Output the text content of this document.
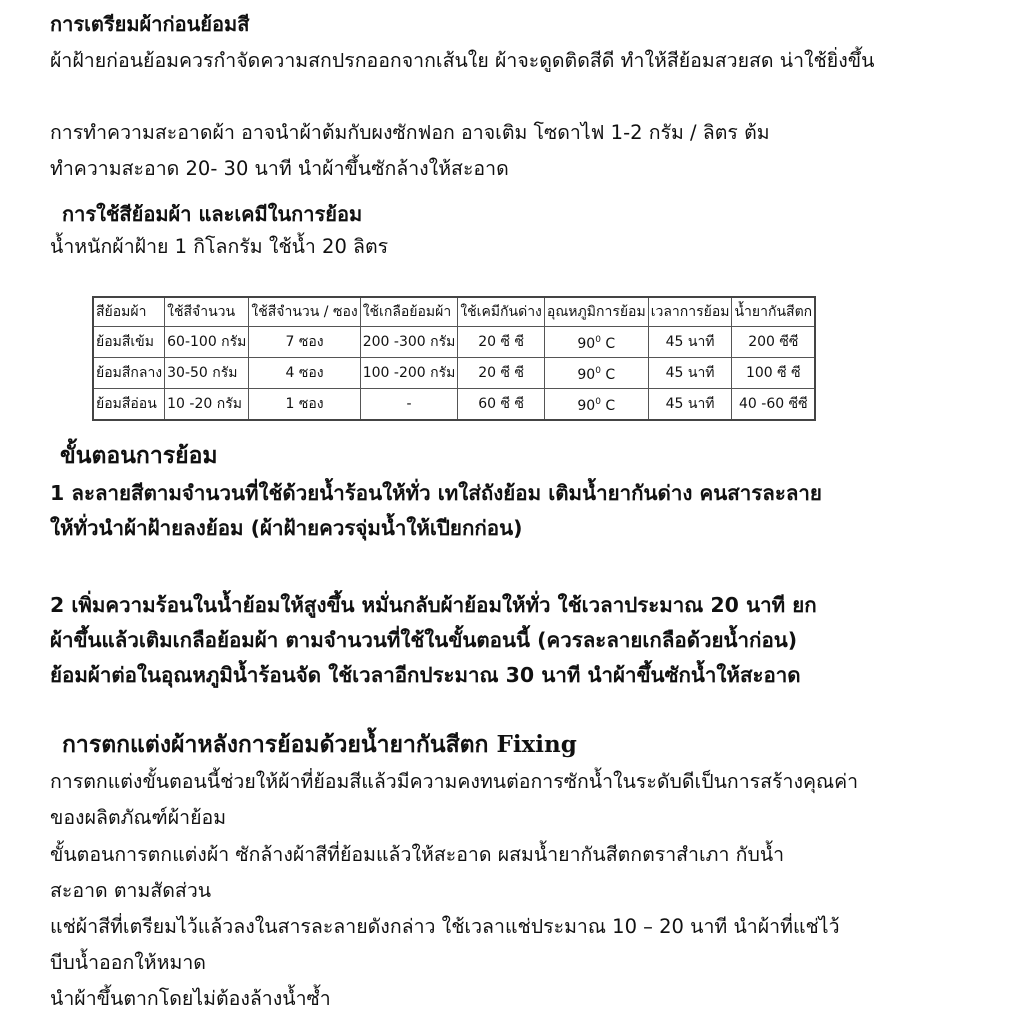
การเตรียมผ้าก่อนย้อมสี
ผ้าฝ้ายก่อนย้อมควรกำจัดความสกปรกออกจากเส้นใย ผ้าจะดูดติดสีดี ทำให้สีย้อมสวยสด น่าใช้ยิ่งขึ้น
การทำความสะอาดผ้า อาจนำผ้าต้มกับผงซักฟอก อาจเติม โซดาไฟ 1-2 กรัม / ลิตร ต้ม
ทำความสะอาด 20- 30 นาที นำผ้าขึ้นซักล้างให้สะอาด
การใช้สีย้อมผ้า และเคมีในการย้อม
น้ำหนักผ้าฝ้าย 1 กิโลกรัม ใช้น้ำ 20 ลิตร
สีย้อมผ้า	ใช้สีจำนวน	ใช้สีจำนวน / ซอง	ใช้เกลือย้อมผ้า	ใช้เคมีกันด่าง	อุณหภูมิการย้อม	เวลาการย้อม	น้ำยากันสีตก
ย้อมสีเข้ม	60-100 กรัม	7 ซอง	200 -300 กรัม	20 ซี ซี	$90^0$ C	45 นาที	200 ซีซี
ย้อมสีกลาง	30-50 กรัม	4 ซอง	100 -200 กรัม	20 ซี ซี	$90^0$ C	45 นาที	100 ซี ซี
ย้อมสีอ่อน	10 -20 กรัม	1 ซอง	-	60 ซี ซี	$90^0$ C	45 นาที	40 -60 ซีซี
ขั้นตอนการย้อม
1 ละลายสีตามจำนวนที่ใช้ด้วยน้ำร้อนให้ทั่ว เทใส่ถังย้อม เติมน้ำยากันด่าง คนสารละลาย
ให้ทั่วนำผ้าฝ้ายลงย้อม (ผ้าฝ้ายควรจุ่มน้ำให้เปียกก่อน)
2 เพิ่มความร้อนในน้ำย้อมให้สูงขึ้น หมั่นกลับผ้าย้อมให้ทั่ว ใช้เวลาประมาณ 20 นาที ยก
ผ้าขึ้นแล้วเติมเกลือย้อมผ้า ตามจำนวนที่ใช้ในขั้นตอนนี้ (ควรละลายเกลือด้วยน้ำก่อน)
ย้อมผ้าต่อในอุณหภูมิน้ำร้อนจัด ใช้เวลาอีกประมาณ 30 นาที นำผ้าขึ้นซักน้ำให้สะอาด
การตกแต่งผ้าหลังการย้อมด้วยน้ำยากันสีตก Fixing
การตกแต่งขั้นตอนนี้ช่วยให้ผ้าที่ย้อมสีแล้วมีความคงทนต่อการซักน้ำในระดับดีเป็นการสร้างคุณค่า
ของผลิตภัณฑ์ผ้าย้อม
ขั้นตอนการตกแต่งผ้า ซักล้างผ้าสีที่ย้อมแล้วให้สะอาด ผสมน้ำยากันสีตกตราสำเภา กับน้ำ
สะอาด ตามสัดส่วน
แช่ผ้าสีที่เตรียมไว้แล้วลงในสารละลายดังกล่าว ใช้เวลาแช่ประมาณ 10 – 20 นาที นำผ้าที่แช่ไว้
บีบน้ำออกให้หมาด
นำผ้าขึ้นตากโดยไม่ต้องล้างน้ำซ้ำ
